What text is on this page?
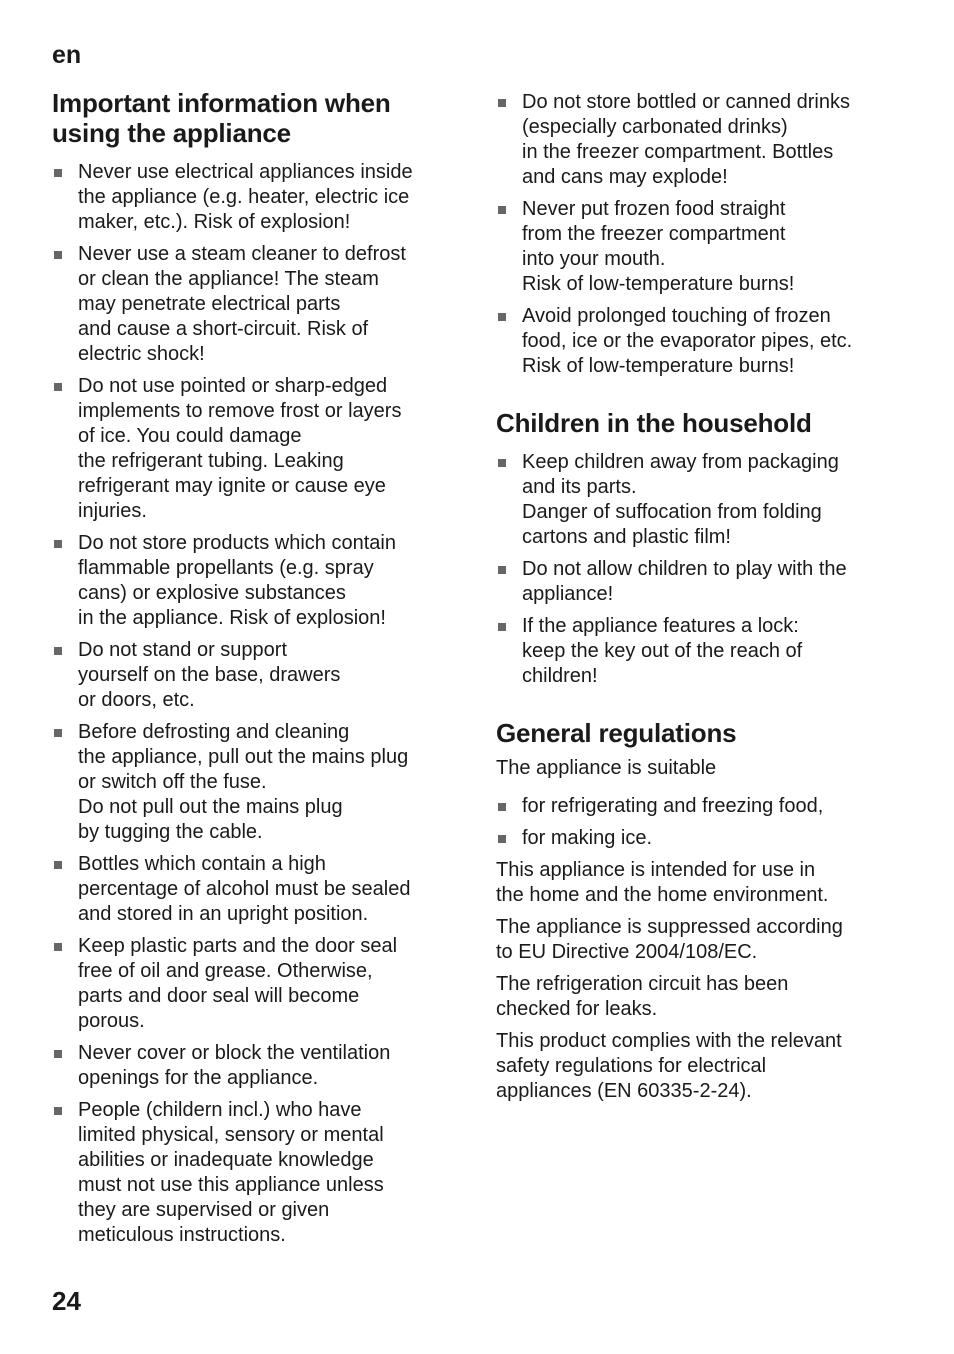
en
Important information when
using the appliance
Never use electrical appliances inside
the appliance (e.g. heater, electric ice
maker, etc.). Risk of explosion!
Never use a steam cleaner to defrost
or clean the appliance! The steam
may penetrate electrical parts
and cause a short-circuit. Risk of
electric shock!
Do not use pointed or sharp-edged
implements to remove frost or layers
of ice. You could damage
the refrigerant tubing. Leaking
refrigerant may ignite or cause eye
injuries.
Do not store products which contain
flammable propellants (e.g. spray
cans) or explosive substances
in the appliance. Risk of explosion!
Do not stand or support
yourself on the base, drawers
or doors, etc.
Before defrosting and cleaning
the appliance, pull out the mains plug
or switch off the fuse.
Do not pull out the mains plug
by tugging the cable.
Bottles which contain a high
percentage of alcohol must be sealed
and stored in an upright position.
Keep plastic parts and the door seal
free of oil and grease. Otherwise,
parts and door seal will become
porous.
Never cover or block the ventilation
openings for the appliance.
People (childern incl.) who have
limited physical, sensory or mental
abilities or inadequate knowledge
must not use this appliance unless
they are supervised or given
meticulous instructions.
Do not store bottled or canned drinks
(especially carbonated drinks)
in the freezer compartment. Bottles
and cans may explode!
Never put frozen food straight
from the freezer compartment
into your mouth.
Risk of low-temperature burns!
Avoid prolonged touching of frozen
food, ice or the evaporator pipes, etc.
Risk of low-temperature burns!
Children in the household
Keep children away from packaging
and its parts.
Danger of suffocation from folding
cartons and plastic film!
Do not allow children to play with the
appliance!
If the appliance features a lock:
keep the key out of the reach of
children!
General regulations

The appliance is suitable

for refrigerating and freezing food,
for making ice.

This appliance is intended for use in
the home and the home environment.

The appliance is suppressed according
to EU Directive 2004/108/EC.

The refrigeration circuit has been
checked for leaks.

This product complies with the relevant
safety regulations for electrical
appliances (EN 60335-2-24).

24
